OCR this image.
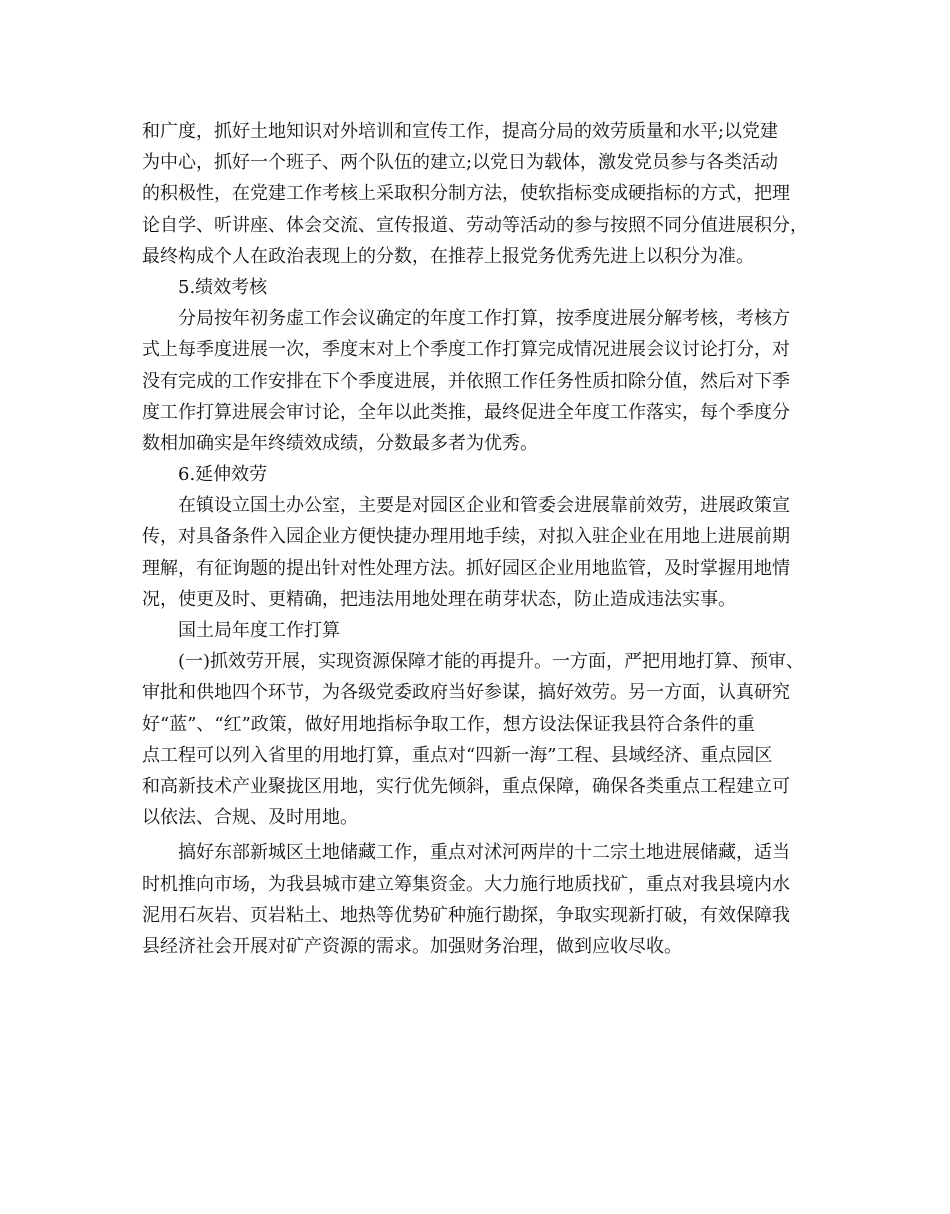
和广度，抓好土地知识对外培训和宣传工作，提高分局的效劳质量和水平;以党建
为中心，抓好一个班子、两个队伍的建立;以党日为载体，激发党员参与各类活动
的积极性，在党建工作考核上采取积分制方法，使软指标变成硬指标的方式，把理
论自学、听讲座、体会交流、宣传报道、劳动等活动的参与按照不同分值进展积分，
最终构成个人在政治表现上的分数，在推荐上报党务优秀先进上以积分为准。
5.绩效考核
分局按年初务虚工作会议确定的年度工作打算，按季度进展分解考核，考核方
式上每季度进展一次，季度末对上个季度工作打算完成情况进展会议讨论打分，对
没有完成的工作安排在下个季度进展，并依照工作任务性质扣除分值，然后对下季
度工作打算进展会审讨论，全年以此类推，最终促进全年度工作落实，每个季度分
数相加确实是年终绩效成绩，分数最多者为优秀。
6.延伸效劳
在镇设立国土办公室，主要是对园区企业和管委会进展靠前效劳，进展政策宣
传，对具备条件入园企业方便快捷办理用地手续，对拟入驻企业在用地上进展前期
理解，有征询题的提出针对性处理方法。抓好园区企业用地监管，及时掌握用地情
况，使更及时、更精确，把违法用地处理在萌芽状态，防止造成违法实事。
国土局年度工作打算
(一)抓效劳开展，实现资源保障才能的再提升。一方面，严把用地打算、预审、
审批和供地四个环节，为各级党委政府当好参谋，搞好效劳。另一方面，认真研究
好“蓝”、“红”政策，做好用地指标争取工作，想方设法保证我县符合条件的重
点工程可以列入省里的用地打算，重点对“四新一海”工程、县域经济、重点园区
和高新技术产业聚拢区用地，实行优先倾斜，重点保障，确保各类重点工程建立可
以依法、合规、及时用地。
搞好东部新城区土地储藏工作，重点对沭河两岸的十二宗土地进展储藏，适当
时机推向市场，为我县城市建立筹集资金。大力施行地质找矿，重点对我县境内水
泥用石灰岩、页岩粘土、地热等优势矿种施行勘探，争取实现新打破，有效保障我
县经济社会开展对矿产资源的需求。加强财务治理，做到应收尽收。
